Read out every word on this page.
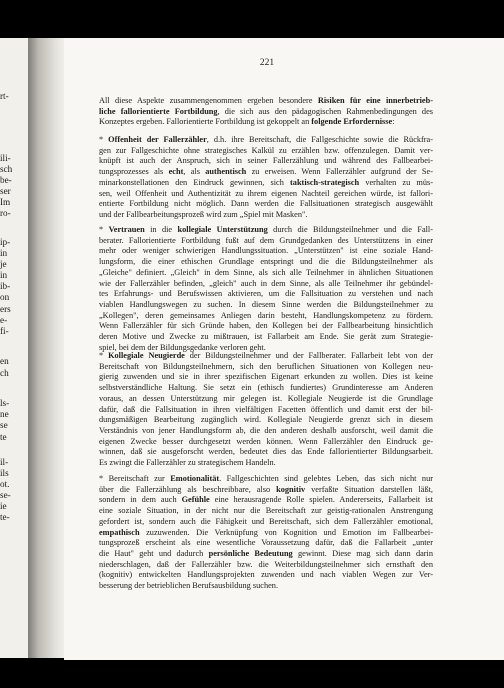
rt-
ili-
sch
be-
ser
Im
ro-
ip-
in
je
in
ib-
on
ers
e-
fi-
en
ch
ls-
ne
se
te
il-
ils
ot.
se-
ie
te-

221

All diese Aspekte zusammengenommen ergeben besondere Risiken für eine innerbetrieb-
liche fallorientierte Fortbildung, die sich aus den pädagogischen Rahmenbedingungen des
Konzeptes ergeben. Fallorientierte Fortbildung ist gekoppelt an folgende Erfordernisse:

* Offenheit der Fallerzähler, d.h. ihre Bereitschaft, die Fallgeschichte sowie die Rückfra-
gen zur Fallgeschichte ohne strategisches Kalkül zu erzählen bzw. offenzulegen. Damit ver-
knüpft ist auch der Anspruch, sich in seiner Fallerzählung und während des Fallbearbei-
tungsprozesses als echt, als authentisch zu erweisen. Wenn Fallerzähler aufgrund der Se-
minarkonstellationen den Eindruck gewinnen, sich taktisch-strategisch verhalten zu müs-
sen, weil Offenheit und Authentizität zu ihrem eigenen Nachteil gereichen würde, ist fallori-
entierte Fortbildung nicht möglich. Dann werden die Fallsituationen strategisch ausgewählt
und der Fallbearbeitungsprozeß wird zum „Spiel mit Masken".

* Vertrauen in die kollegiale Unterstützung durch die Bildungsteilnehmer und die Fall-
berater. Fallorientierte Fortbildung fußt auf dem Grundgedanken des Unterstützens in einer
mehr oder weniger schwierigen Handlungssituation. „Unterstützen" ist eine soziale Hand-
lungsform, die einer ethischen Grundlage entspringt und die die Bildungsteilnehmer als
„Gleiche" definiert. „Gleich" in dem Sinne, als sich alle Teilnehmer in ähnlichen Situationen
wie der Fallerzähler befinden, „gleich" auch in dem Sinne, als alle Teilnehmer ihr gebündel-
tes Erfahrungs- und Berufswissen aktivieren, um die Fallsituation zu verstehen und nach
viablen Handlungswegen zu suchen. In diesem Sinne werden die Bildungsteilnehmer zu
„Kollegen", deren gemeinsames Anliegen darin besteht, Handlungskompetenz zu fördern.
Wenn Fallerzähler für sich Gründe haben, den Kollegen bei der Fallbearbeitung hinsichtlich
deren Motive und Zwecke zu mißtrauen, ist Fallarbeit am Ende. Sie gerät zum Strategie-
spiel, bei dem der Bildungsgedanke verloren geht.

* Kollegiale Neugierde der Bildungsteilnehmer und der Fallberater. Fallarbeit lebt von der
Bereitschaft von Bildungsteilnehmern, sich den beruflichen Situationen von Kollegen neu-
gierig zuwenden und sie in ihrer spezifischen Eigenart erkunden zu wollen. Dies ist keine
selbstverständliche Haltung. Sie setzt ein (ethisch fundiertes) Grundinteresse am Anderen
voraus, an dessen Unterstützung mir gelegen ist. Kollegiale Neugierde ist die Grundlage
dafür, daß die Fallsituation in ihren vielfältigen Facetten öffentlich und damit erst der bil-
dungsmäßigen Bearbeitung zugänglich wird. Kollegiale Neugierde grenzt sich in diesem
Verständnis von jener Handlungsform ab, die den anderen deshalb ausforscht, weil damit die
eigenen Zwecke besser durchgesetzt werden können. Wenn Fallerzähler den Eindruck ge-
winnen, daß sie ausgeforscht werden, bedeutet dies das Ende fallorientierter Bildungsarbeit.
Es zwingt die Fallerzähler zu strategischem Handeln.

* Bereitschaft zur Emotionalität. Fallgeschichten sind gelebtes Leben, das sich nicht nur
über die Fallerzählung als beschreibbare, also kognitiv verfaßte Situation darstellen läßt,
sondern in dem auch Gefühle eine herausragende Rolle spielen. Andererseits, Fallarbeit ist
eine soziale Situation, in der nicht nur die Bereitschaft zur geistig-rationalen Anstrengung
gefordert ist, sondern auch die Fähigkeit und Bereitschaft, sich dem Fallerzähler emotional,
empathisch zuzuwenden. Die Verknüpfung von Kognition und Emotion im Fallbearbei-
tungsprozeß erscheint als eine wesentliche Voraussetzung dafür, daß die Fallarbeit „unter
die Haut" geht und dadurch persönliche Bedeutung gewinnt. Diese mag sich dann darin
niederschlagen, daß der Fallerzähler bzw. die Weiterbildungsteilnehmer sich ernsthaft den
(kognitiv) entwickelten Handlungsprojekten zuwenden und nach viablen Wegen zur Ver-
besserung der betrieblichen Berufsausbildung suchen.
